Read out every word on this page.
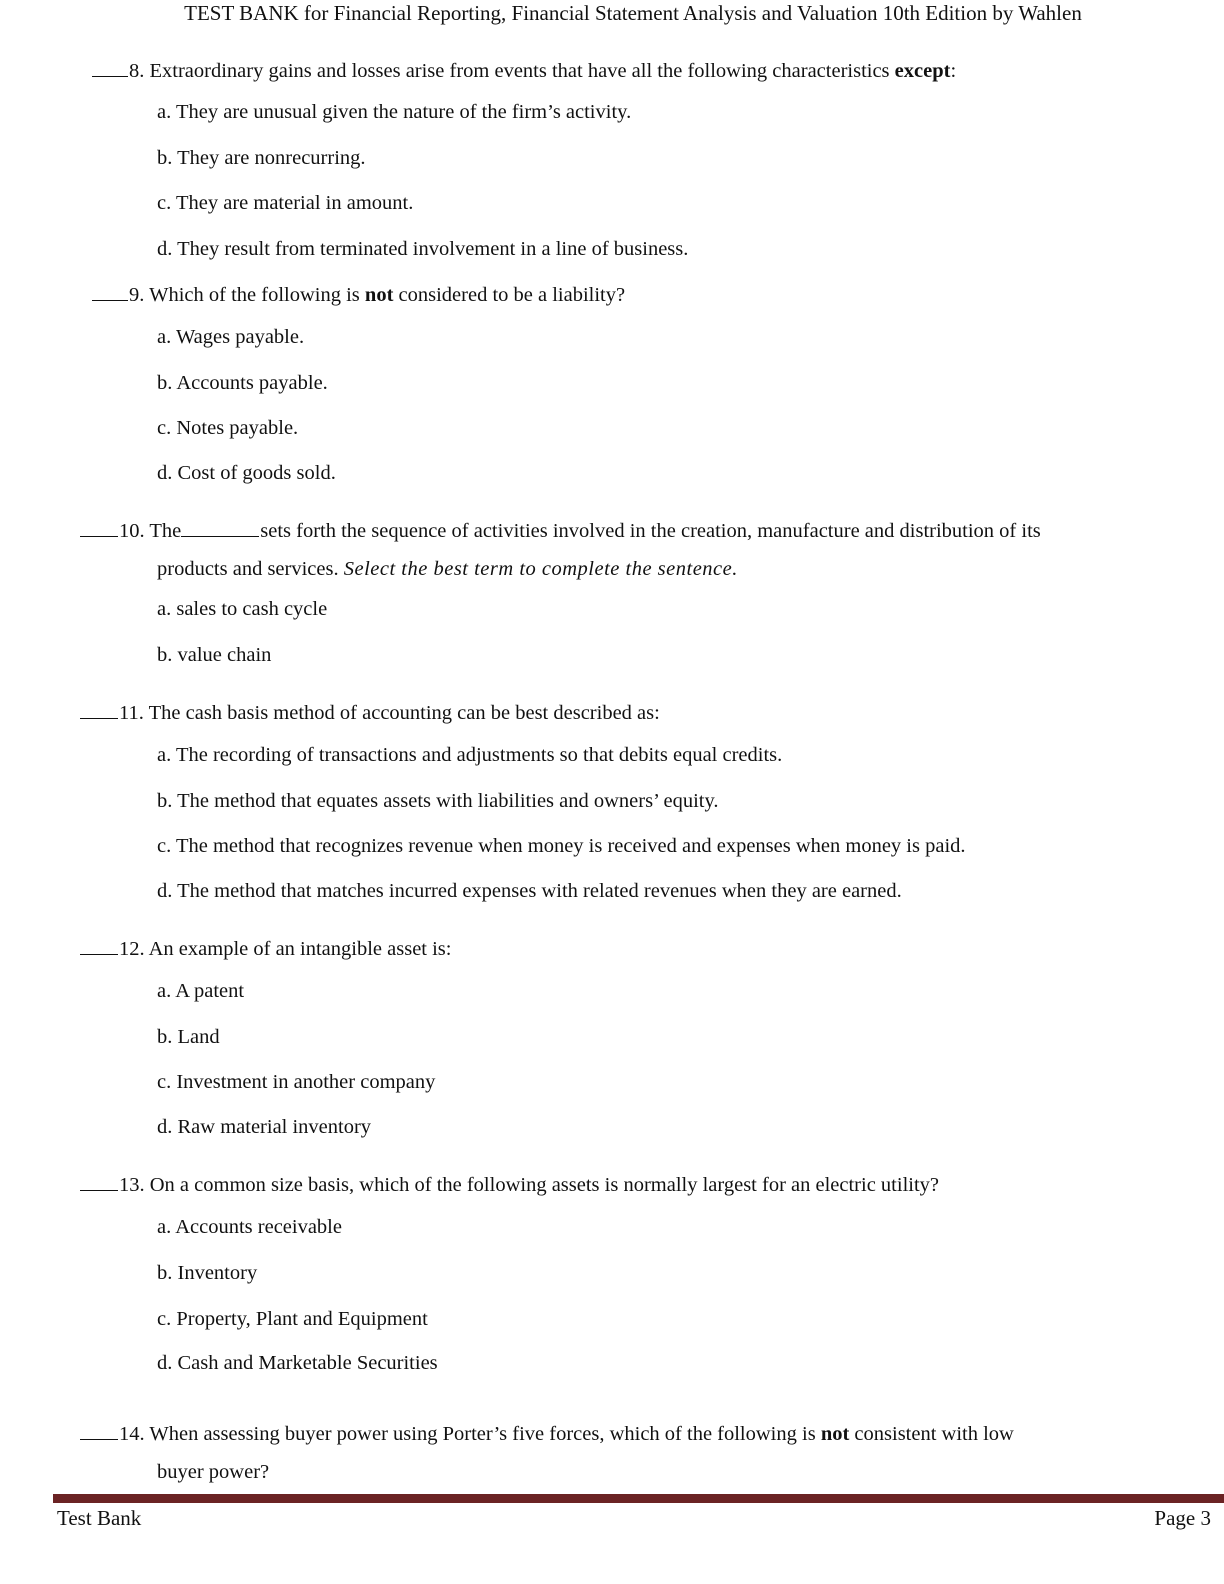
TEST BANK for Financial Reporting, Financial Statement Analysis and Valuation 10th Edition by Wahlen
8. Extraordinary gains and losses arise from events that have all the following characteristics except:
a. They are unusual given the nature of the firm’s activity.
b. They are nonrecurring.
c. They are material in amount.
d. They result from terminated involvement in a line of business.
9. Which of the following is not considered to be a liability?
a. Wages payable.
b. Accounts payable.
c. Notes payable.
d. Cost of goods sold.
10. The	sets forth the sequence of activities involved in the creation, manufacture and distribution of its
products and services. Select the best term to complete the sentence.
a. sales to cash cycle
b. value chain
11. The cash basis method of accounting can be best described as:
a. The recording of transactions and adjustments so that debits equal credits.
b. The method that equates assets with liabilities and owners’ equity.
c. The method that recognizes revenue when money is received and expenses when money is paid.
d. The method that matches incurred expenses with related revenues when they are earned.
12. An example of an intangible asset is:
a. A patent
b. Land
c. Investment in another company
d. Raw material inventory
13. On a common size basis, which of the following assets is normally largest for an electric utility?
a. Accounts receivable
b. Inventory
c. Property, Plant and Equipment
d. Cash and Marketable Securities
14. When assessing buyer power using Porter’s five forces, which of the following is not consistent with low
buyer power?
Test Bank	Page 3
